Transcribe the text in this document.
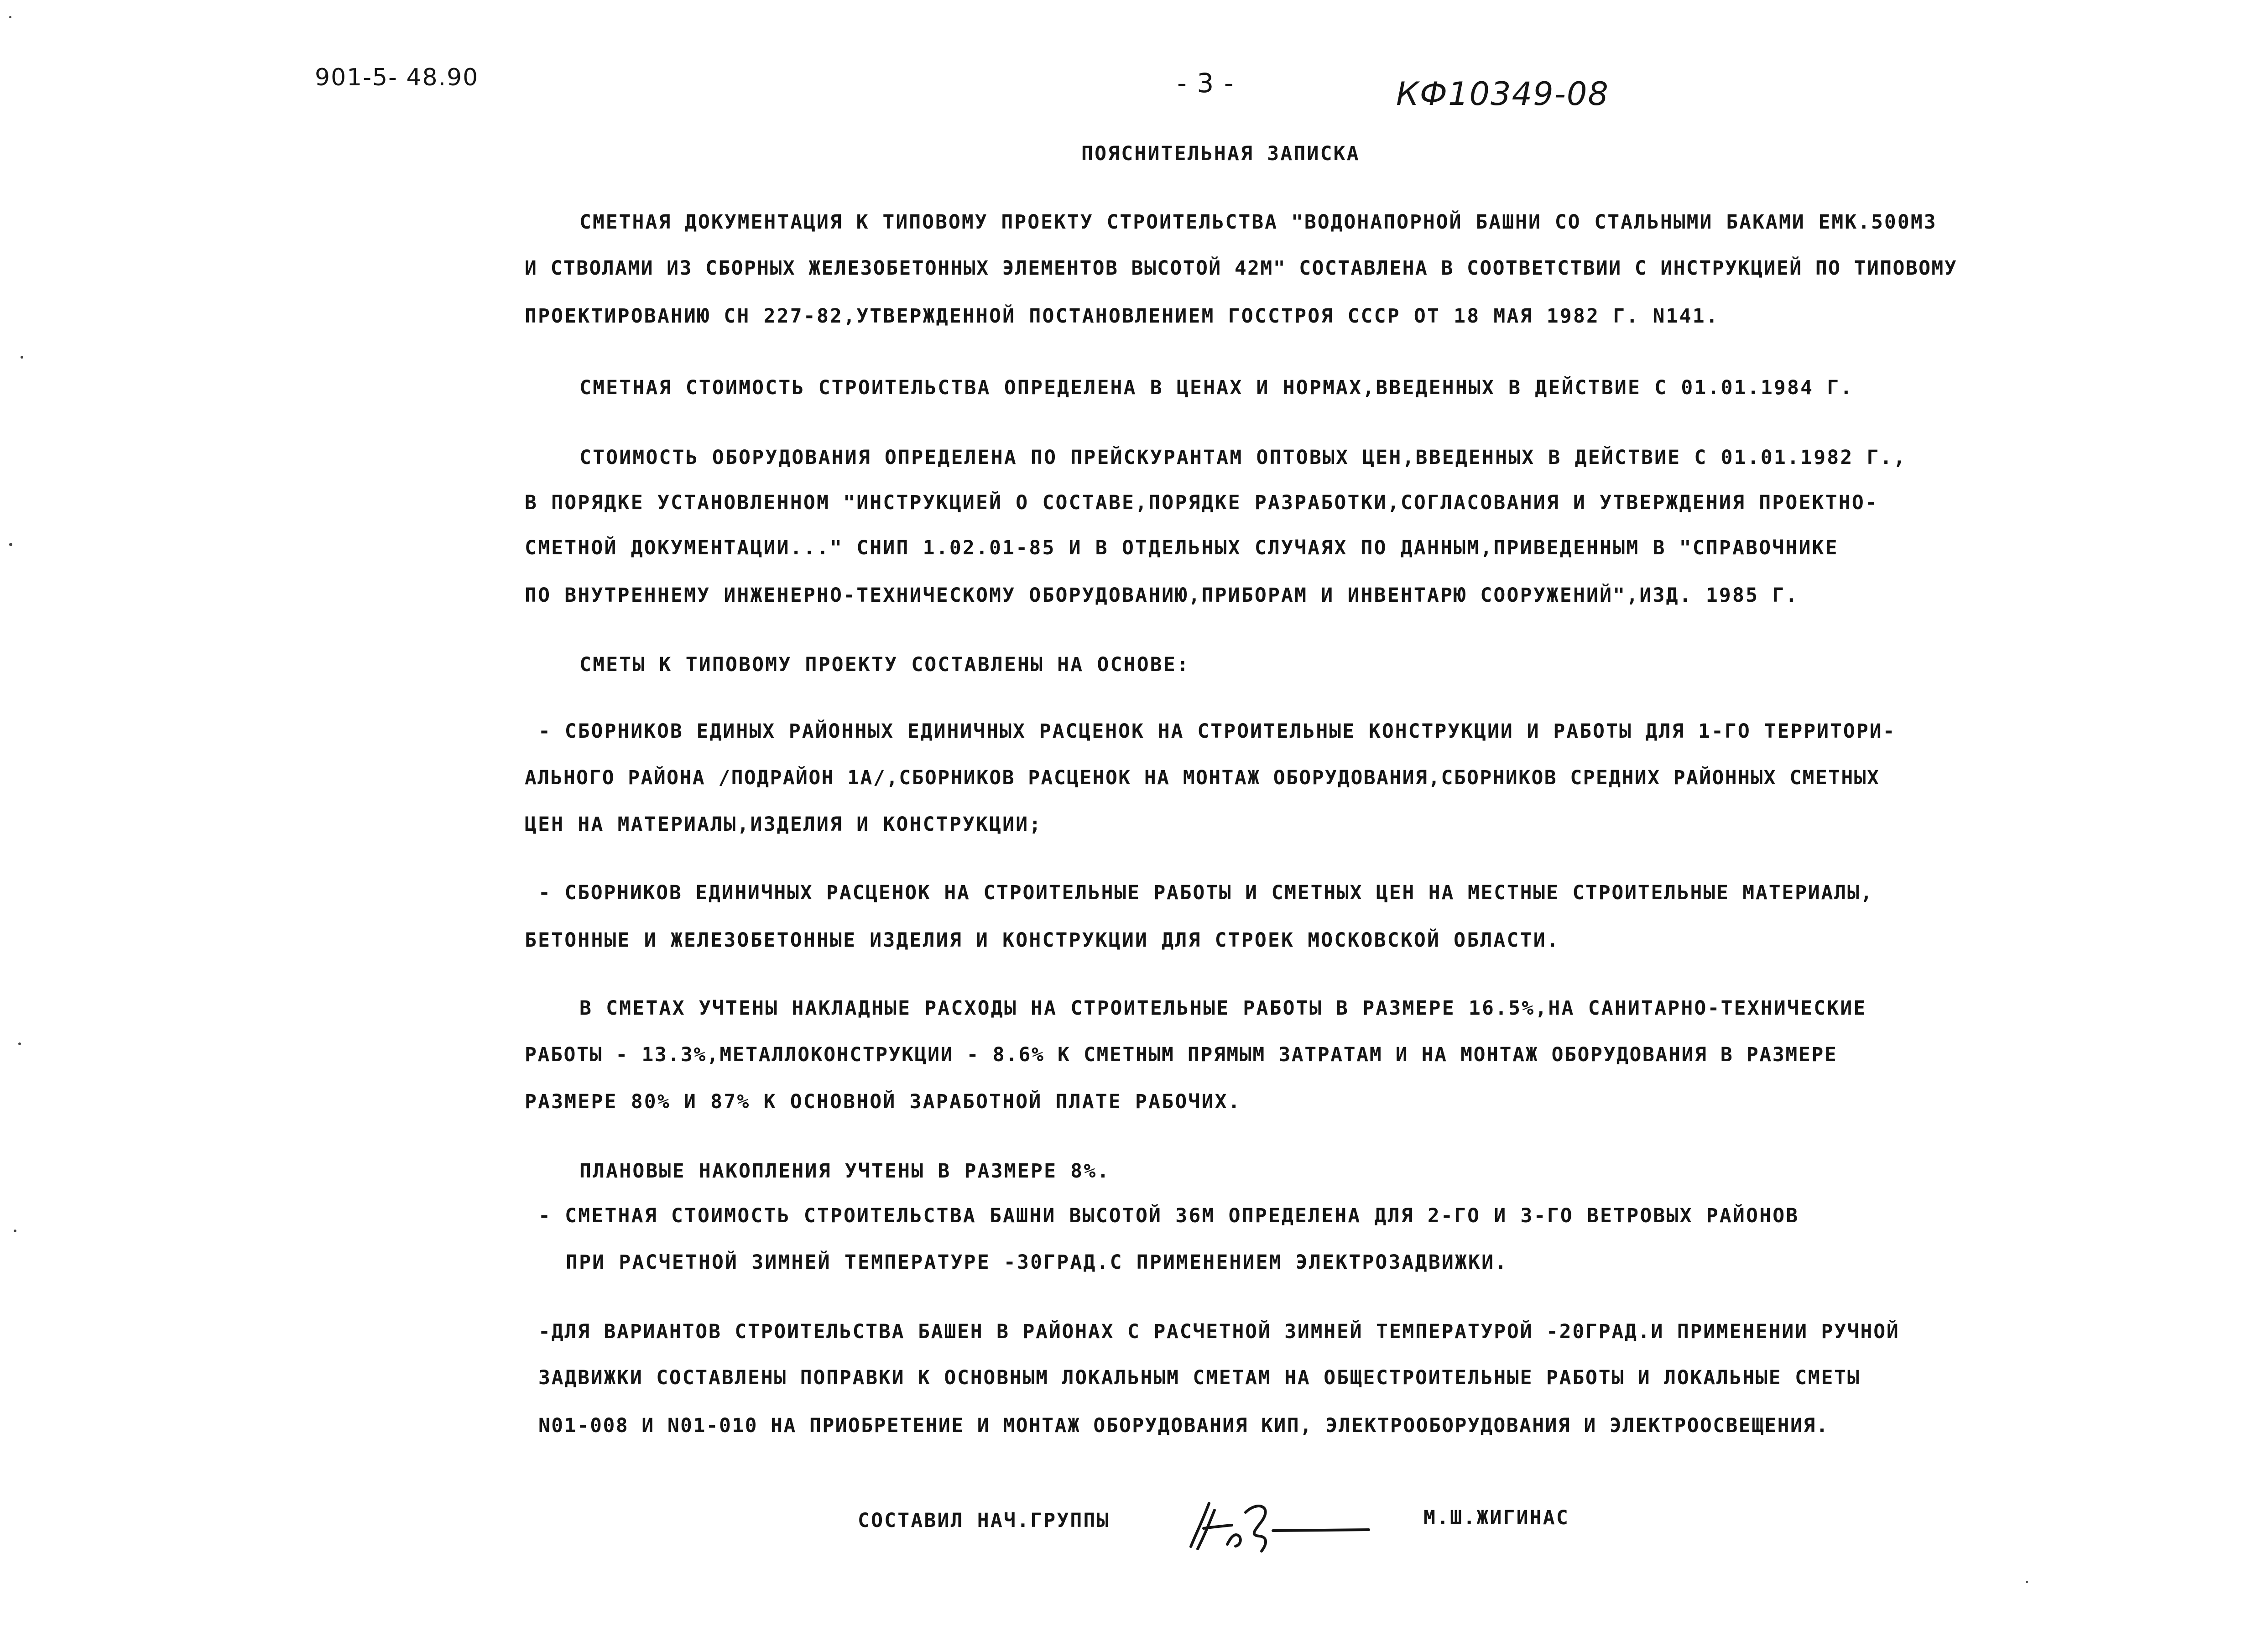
901-5- 48.90	- 3 -	КФ10349-08
ПОЯСНИТЕЛЬНАЯ ЗАПИСКА
СМЕТНАЯ ДОКУМЕНТАЦИЯ К ТИПОВОМУ ПРОЕКТУ СТРОИТЕЛЬСТВА "ВОДОНАПОРНОЙ БАШНИ СО СТАЛЬНЫМИ БАКАМИ ЕМК.500М3
И СТВОЛАМИ ИЗ СБОРНЫХ ЖЕЛЕЗОБЕТОННЫХ ЭЛЕМЕНТОВ ВЫСОТОЙ 42М" СОСТАВЛЕНА В СООТВЕТСТВИИ С ИНСТРУКЦИЕЙ ПО ТИПОВОМУ
ПРОЕКТИРОВАНИЮ СН 227-82,УТВЕРЖДЕННОЙ ПОСТАНОВЛЕНИЕМ ГОССТРОЯ СССР ОТ 18 МАЯ 1982 Г. N141.
СМЕТНАЯ СТОИМОСТЬ СТРОИТЕЛЬСТВА ОПРЕДЕЛЕНА В ЦЕНАХ И НОРМАХ,ВВЕДЕННЫХ В ДЕЙСТВИЕ С 01.01.1984 Г.
СТОИМОСТЬ ОБОРУДОВАНИЯ ОПРЕДЕЛЕНА ПО ПРЕЙСКУРАНТАМ ОПТОВЫХ ЦЕН,ВВЕДЕННЫХ В ДЕЙСТВИЕ С 01.01.1982 Г.,
В ПОРЯДКЕ УСТАНОВЛЕННОМ "ИНСТРУКЦИЕЙ О СОСТАВЕ,ПОРЯДКЕ РАЗРАБОТКИ,СОГЛАСОВАНИЯ И УТВЕРЖДЕНИЯ ПРОЕКТНО-
СМЕТНОЙ ДОКУМЕНТАЦИИ..." СНИП 1.02.01-85 И В ОТДЕЛЬНЫХ СЛУЧАЯХ ПО ДАННЫМ,ПРИВЕДЕННЫМ В "СПРАВОЧНИКЕ
ПО ВНУТРЕННЕМУ ИНЖЕНЕРНО-ТЕХНИЧЕСКОМУ ОБОРУДОВАНИЮ,ПРИБОРАМ И ИНВЕНТАРЮ СООРУЖЕНИЙ",ИЗД. 1985 Г.
СМЕТЫ К ТИПОВОМУ ПРОЕКТУ СОСТАВЛЕНЫ НА ОСНОВЕ:
- СБОРНИКОВ ЕДИНЫХ РАЙОННЫХ ЕДИНИЧНЫХ РАСЦЕНОК НА СТРОИТЕЛЬНЫЕ КОНСТРУКЦИИ И РАБОТЫ ДЛЯ 1-ГО ТЕРРИТОРИ-
АЛЬНОГО РАЙОНА /ПОДРАЙОН 1А/,СБОРНИКОВ РАСЦЕНОК НА МОНТАЖ ОБОРУДОВАНИЯ,СБОРНИКОВ СРЕДНИХ РАЙОННЫХ СМЕТНЫХ
ЦЕН НА МАТЕРИАЛЫ,ИЗДЕЛИЯ И КОНСТРУКЦИИ;
- СБОРНИКОВ ЕДИНИЧНЫХ РАСЦЕНОК НА СТРОИТЕЛЬНЫЕ РАБОТЫ И СМЕТНЫХ ЦЕН НА МЕСТНЫЕ СТРОИТЕЛЬНЫЕ МАТЕРИАЛЫ,
БЕТОННЫЕ И ЖЕЛЕЗОБЕТОННЫЕ ИЗДЕЛИЯ И КОНСТРУКЦИИ ДЛЯ СТРОЕК МОСКОВСКОЙ ОБЛАСТИ.
В СМЕТАХ УЧТЕНЫ НАКЛАДНЫЕ РАСХОДЫ НА СТРОИТЕЛЬНЫЕ РАБОТЫ В РАЗМЕРЕ 16.5%,НА САНИТАРНО-ТЕХНИЧЕСКИЕ
РАБОТЫ - 13.3%,МЕТАЛЛОКОНСТРУКЦИИ - 8.6% К СМЕТНЫМ ПРЯМЫМ ЗАТРАТАМ И НА МОНТАЖ ОБОРУДОВАНИЯ В РАЗМЕРЕ
РАЗМЕРЕ 80% И 87% К ОСНОВНОЙ ЗАРАБОТНОЙ ПЛАТЕ РАБОЧИХ.
ПЛАНОВЫЕ НАКОПЛЕНИЯ УЧТЕНЫ В РАЗМЕРЕ 8%.
- СМЕТНАЯ СТОИМОСТЬ СТРОИТЕЛЬСТВА БАШНИ ВЫСОТОЙ 36М ОПРЕДЕЛЕНА ДЛЯ 2-ГО И 3-ГО ВЕТРОВЫХ РАЙОНОВ
ПРИ РАСЧЕТНОЙ ЗИМНЕЙ ТЕМПЕРАТУРЕ -30ГРАД.С ПРИМЕНЕНИЕМ ЭЛЕКТРОЗАДВИЖКИ.
-ДЛЯ ВАРИАНТОВ СТРОИТЕЛЬСТВА БАШЕН В РАЙОНАХ С РАСЧЕТНОЙ ЗИМНЕЙ ТЕМПЕРАТУРОЙ -20ГРАД.И ПРИМЕНЕНИИ РУЧНОЙ
ЗАДВИЖКИ СОСТАВЛЕНЫ ПОПРАВКИ К ОСНОВНЫМ ЛОКАЛЬНЫМ СМЕТАМ НА ОБЩЕСТРОИТЕЛЬНЫЕ РАБОТЫ И ЛОКАЛЬНЫЕ СМЕТЫ
N01-008 И N01-010 НА ПРИОБРЕТЕНИЕ И МОНТАЖ ОБОРУДОВАНИЯ КИП, ЭЛЕКТРООБОРУДОВАНИЯ И ЭЛЕКТРООСВЕЩЕНИЯ.
СОСТАВИЛ НАЧ.ГРУППЫ	М.Ш.ЖИГИНАС
